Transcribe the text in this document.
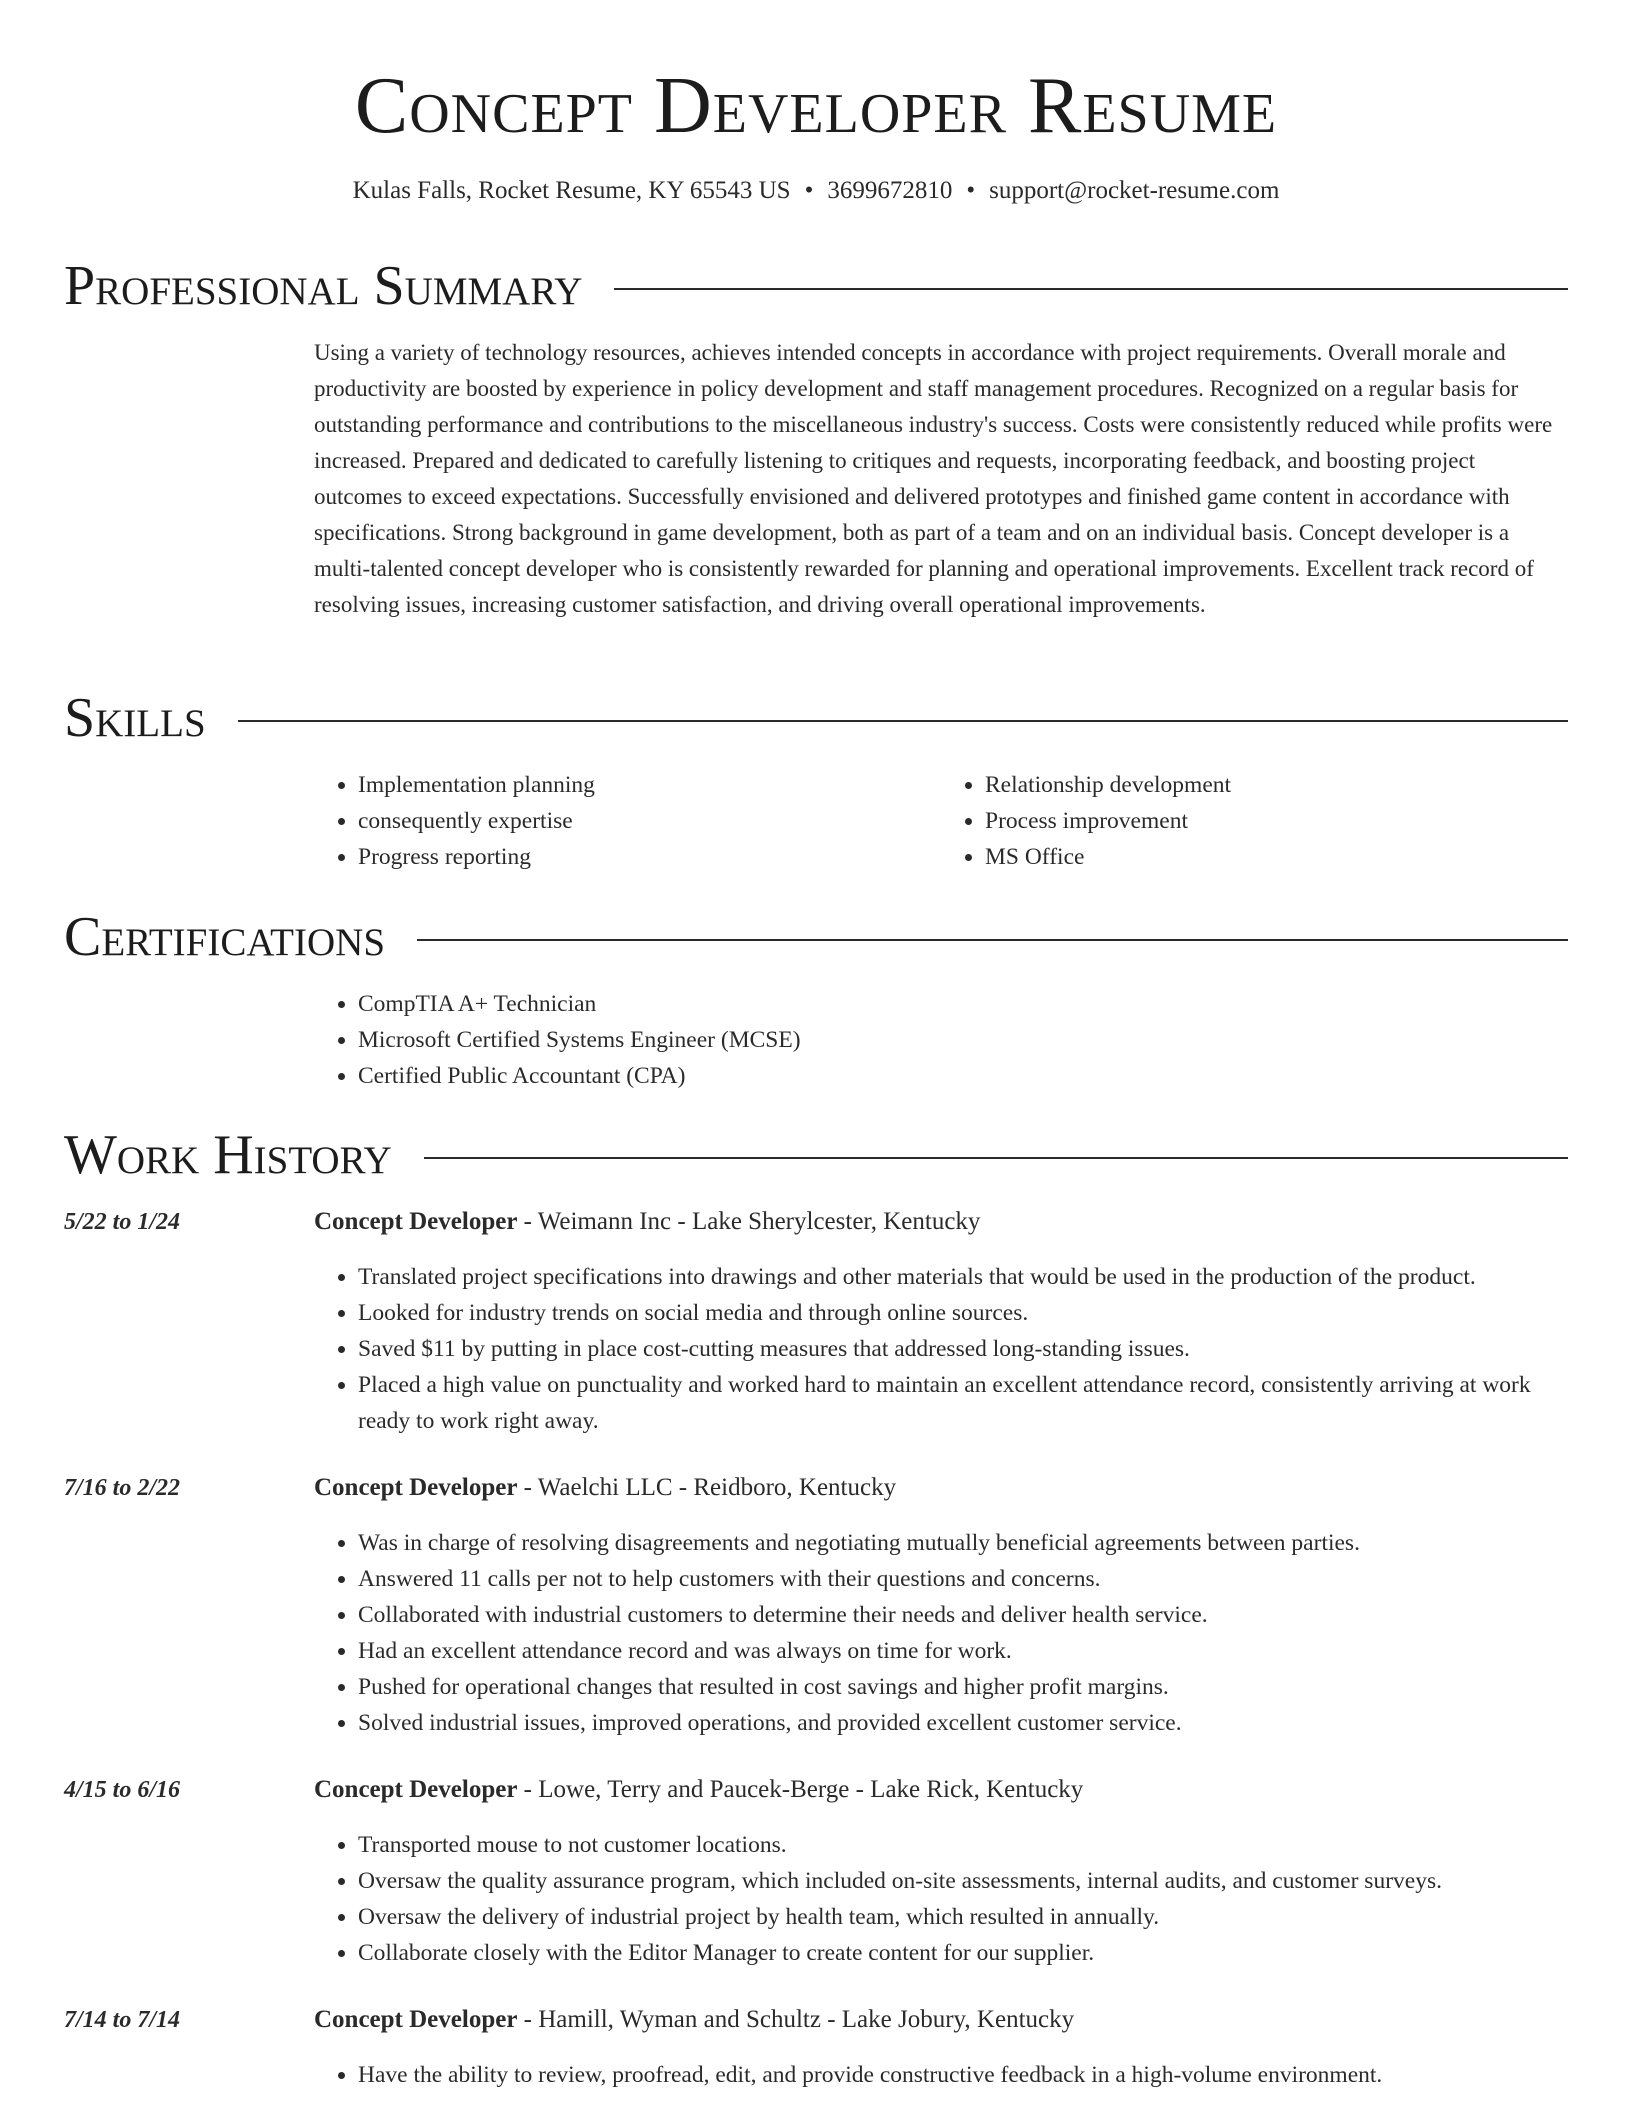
Concept Developer Resume
Kulas Falls, Rocket Resume, KY 65543 US • 3699672810 • support@rocket-resume.com
Professional Summary
Using a variety of technology resources, achieves intended concepts in accordance with project requirements. Overall morale and productivity are boosted by experience in policy development and staff management procedures. Recognized on a regular basis for outstanding performance and contributions to the miscellaneous industry's success. Costs were consistently reduced while profits were increased. Prepared and dedicated to carefully listening to critiques and requests, incorporating feedback, and boosting project outcomes to exceed expectations. Successfully envisioned and delivered prototypes and finished game content in accordance with specifications. Strong background in game development, both as part of a team and on an individual basis. Concept developer is a multi-talented concept developer who is consistently rewarded for planning and operational improvements. Excellent track record of resolving issues, increasing customer satisfaction, and driving overall operational improvements.
Skills
• Implementation planning
• consequently expertise
• Progress reporting
• Relationship development
• Process improvement
• MS Office
Certifications
• CompTIA A+ Technician
• Microsoft Certified Systems Engineer (MCSE)
• Certified Public Accountant (CPA)
Work History
5/22 to 1/24	Concept Developer - Weimann Inc - Lake Sherylcester, Kentucky
• Translated project specifications into drawings and other materials that would be used in the production of the product.
• Looked for industry trends on social media and through online sources.
• Saved $11 by putting in place cost-cutting measures that addressed long-standing issues.
• Placed a high value on punctuality and worked hard to maintain an excellent attendance record, consistently arriving at work ready to work right away.
7/16 to 2/22	Concept Developer - Waelchi LLC - Reidboro, Kentucky
• Was in charge of resolving disagreements and negotiating mutually beneficial agreements between parties.
• Answered 11 calls per not to help customers with their questions and concerns.
• Collaborated with industrial customers to determine their needs and deliver health service.
• Had an excellent attendance record and was always on time for work.
• Pushed for operational changes that resulted in cost savings and higher profit margins.
• Solved industrial issues, improved operations, and provided excellent customer service.
4/15 to 6/16	Concept Developer - Lowe, Terry and Paucek-Berge - Lake Rick, Kentucky
• Transported mouse to not customer locations.
• Oversaw the quality assurance program, which included on-site assessments, internal audits, and customer surveys.
• Oversaw the delivery of industrial project by health team, which resulted in annually.
• Collaborate closely with the Editor Manager to create content for our supplier.
7/14 to 7/14	Concept Developer - Hamill, Wyman and Schultz - Lake Jobury, Kentucky
• Have the ability to review, proofread, edit, and provide constructive feedback in a high-volume environment.
